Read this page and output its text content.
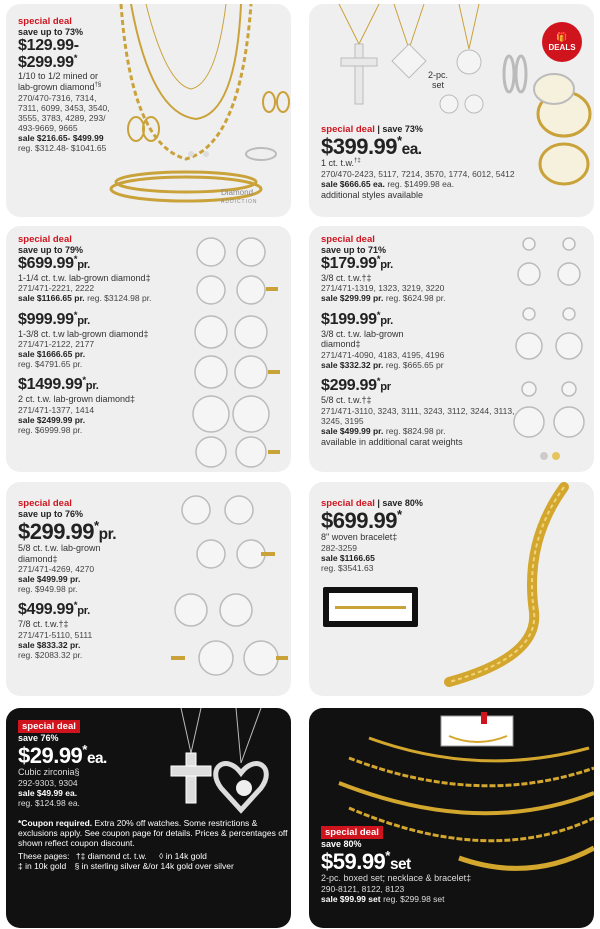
Diamond
ADDICTION
special deal
save up to 73%
$129.99-
$299.99*
1/10 to 1/2 mined or lab-grown diamond†§
270/470-7316, 7314, 7311, 6099, 3453, 3540, 3555, 3783, 4289, 293/ 493-9669, 9665
sale $216.65- $499.99
reg. $312.48- $1041.65
🎁
DEALS
2-pc. set
special deal | save 73%
$399.99*ea.
1 ct. t.w.†‡
270/470-2423, 5117, 7214, 3570, 1774, 6012, 5412
sale $666.65 ea. reg. $1499.98 ea.
additional styles available
special deal
save up to 79%
$699.99*pr.
1-1/4 ct. t.w. lab-grown diamond‡
271/471-2221, 2222
sale $1166.65 pr. reg. $3124.98 pr.
$999.99*pr.
1-3/8 ct. t.w lab-grown diamond‡
271/471-2122, 2177
sale $1666.65 pr.
reg. $4791.65 pr.
$1499.99*pr.
2 ct. t.w. lab-grown diamond‡
271/471-1377, 1414
sale $2499.99 pr.
reg. $6999.98 pr.
special deal
save up to 71%
$179.99*pr.
3/8 ct. t.w.†‡
271/471-1319, 1323, 3219, 3220
sale $299.99 pr. reg. $624.98 pr.
$199.99*pr.
3/8 ct. t.w. lab-grown diamond‡
271/471-4090, 4183, 4195, 4196
sale $332.32 pr. reg. $665.65 pr
$299.99*pr
5/8 ct. t.w.†‡
271/471-3110, 3243, 3111, 3243, 3112, 3244, 3113, 3245, 3195
sale $499.99 pr. reg. $824.98 pr.
available in additional carat weights
special deal
save up to 76%
$299.99*pr.
5/8 ct. t.w. lab-grown diamond‡
271/471-4269, 4270
sale $499.99 pr.
reg. $949.98 pr.
$499.99*pr.
7/8 ct. t.w.†‡
271/471-5110, 5111
sale $833.32 pr.
reg. $2083.32 pr.
special deal | save 80%
$699.99*
8" woven bracelet‡
282-3259
sale $1166.65
reg. $3541.63
special deal
save 76%
$29.99*ea.
Cubic zirconia§
292-9303, 9304
sale $49.99 ea.
reg. $124.98 ea.
*Coupon required. Extra 20% off watches. Some restrictions & exclusions apply. See coupon page for details. Prices & percentages off shown reflect coupon discount.
These pages: †‡ diamond ct. t.w. ◊ in 14k gold
‡ in 10k gold § in sterling silver &/or 14k gold over silver
special deal
save 80%
$59.99*set
2-pc. boxed set; necklace & bracelet‡
290-8121, 8122, 8123
sale $99.99 set reg. $299.98 set
